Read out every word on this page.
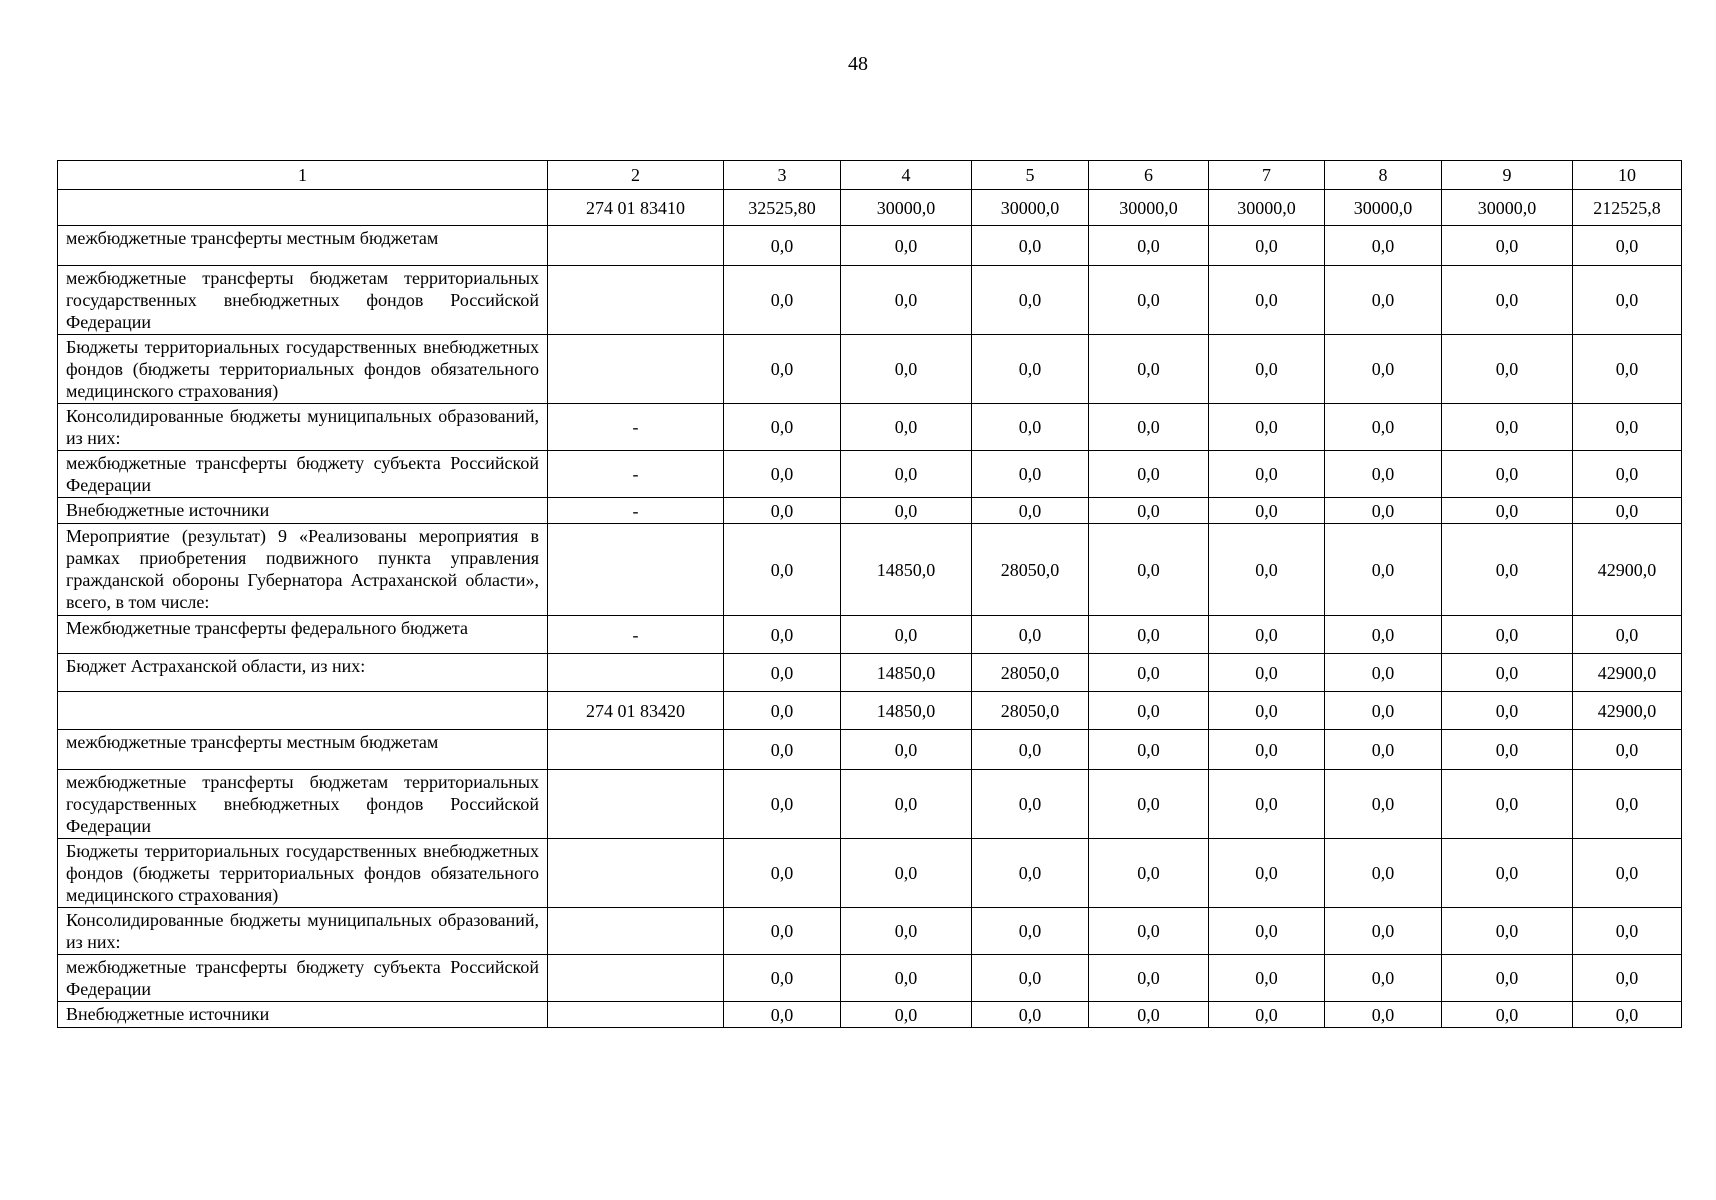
48
1	2	3	4	5	6	7	8	9	10
	274 01 83410	32525,80	30000,0	30000,0	30000,0	30000,0	30000,0	30000,0	212525,8
межбюджетные трансферты местным бюджетам		0,0	0,0	0,0	0,0	0,0	0,0	0,0	0,0
межбюджетные трансферты бюджетам территориальных государственных внебюджетных фондов Российской Федерации		0,0	0,0	0,0	0,0	0,0	0,0	0,0	0,0
Бюджеты территориальных государственных внебюджетных фондов (бюджеты территориальных фондов обязательного медицинского страхования)		0,0	0,0	0,0	0,0	0,0	0,0	0,0	0,0
Консолидированные бюджеты муниципальных образований, из них:	-	0,0	0,0	0,0	0,0	0,0	0,0	0,0	0,0
межбюджетные трансферты бюджету субъекта Российской Федерации	-	0,0	0,0	0,0	0,0	0,0	0,0	0,0	0,0
Внебюджетные источники	-	0,0	0,0	0,0	0,0	0,0	0,0	0,0	0,0
Мероприятие (результат) 9 «Реализованы мероприятия в рамках приобретения подвижного пункта управления гражданской обороны Губернатора Астраханской области», всего, в том числе:		0,0	14850,0	28050,0	0,0	0,0	0,0	0,0	42900,0
Межбюджетные трансферты федерального бюджета	-	0,0	0,0	0,0	0,0	0,0	0,0	0,0	0,0
Бюджет Астраханской области, из них:		0,0	14850,0	28050,0	0,0	0,0	0,0	0,0	42900,0
	274 01 83420	0,0	14850,0	28050,0	0,0	0,0	0,0	0,0	42900,0
межбюджетные трансферты местным бюджетам		0,0	0,0	0,0	0,0	0,0	0,0	0,0	0,0
межбюджетные трансферты бюджетам территориальных государственных внебюджетных фондов Российской Федерации		0,0	0,0	0,0	0,0	0,0	0,0	0,0	0,0
Бюджеты территориальных государственных внебюджетных фондов (бюджеты территориальных фондов обязательного медицинского страхования)		0,0	0,0	0,0	0,0	0,0	0,0	0,0	0,0
Консолидированные бюджеты муниципальных образований, из них:		0,0	0,0	0,0	0,0	0,0	0,0	0,0	0,0
межбюджетные трансферты бюджету субъекта Российской Федерации		0,0	0,0	0,0	0,0	0,0	0,0	0,0	0,0
Внебюджетные источники		0,0	0,0	0,0	0,0	0,0	0,0	0,0	0,0
